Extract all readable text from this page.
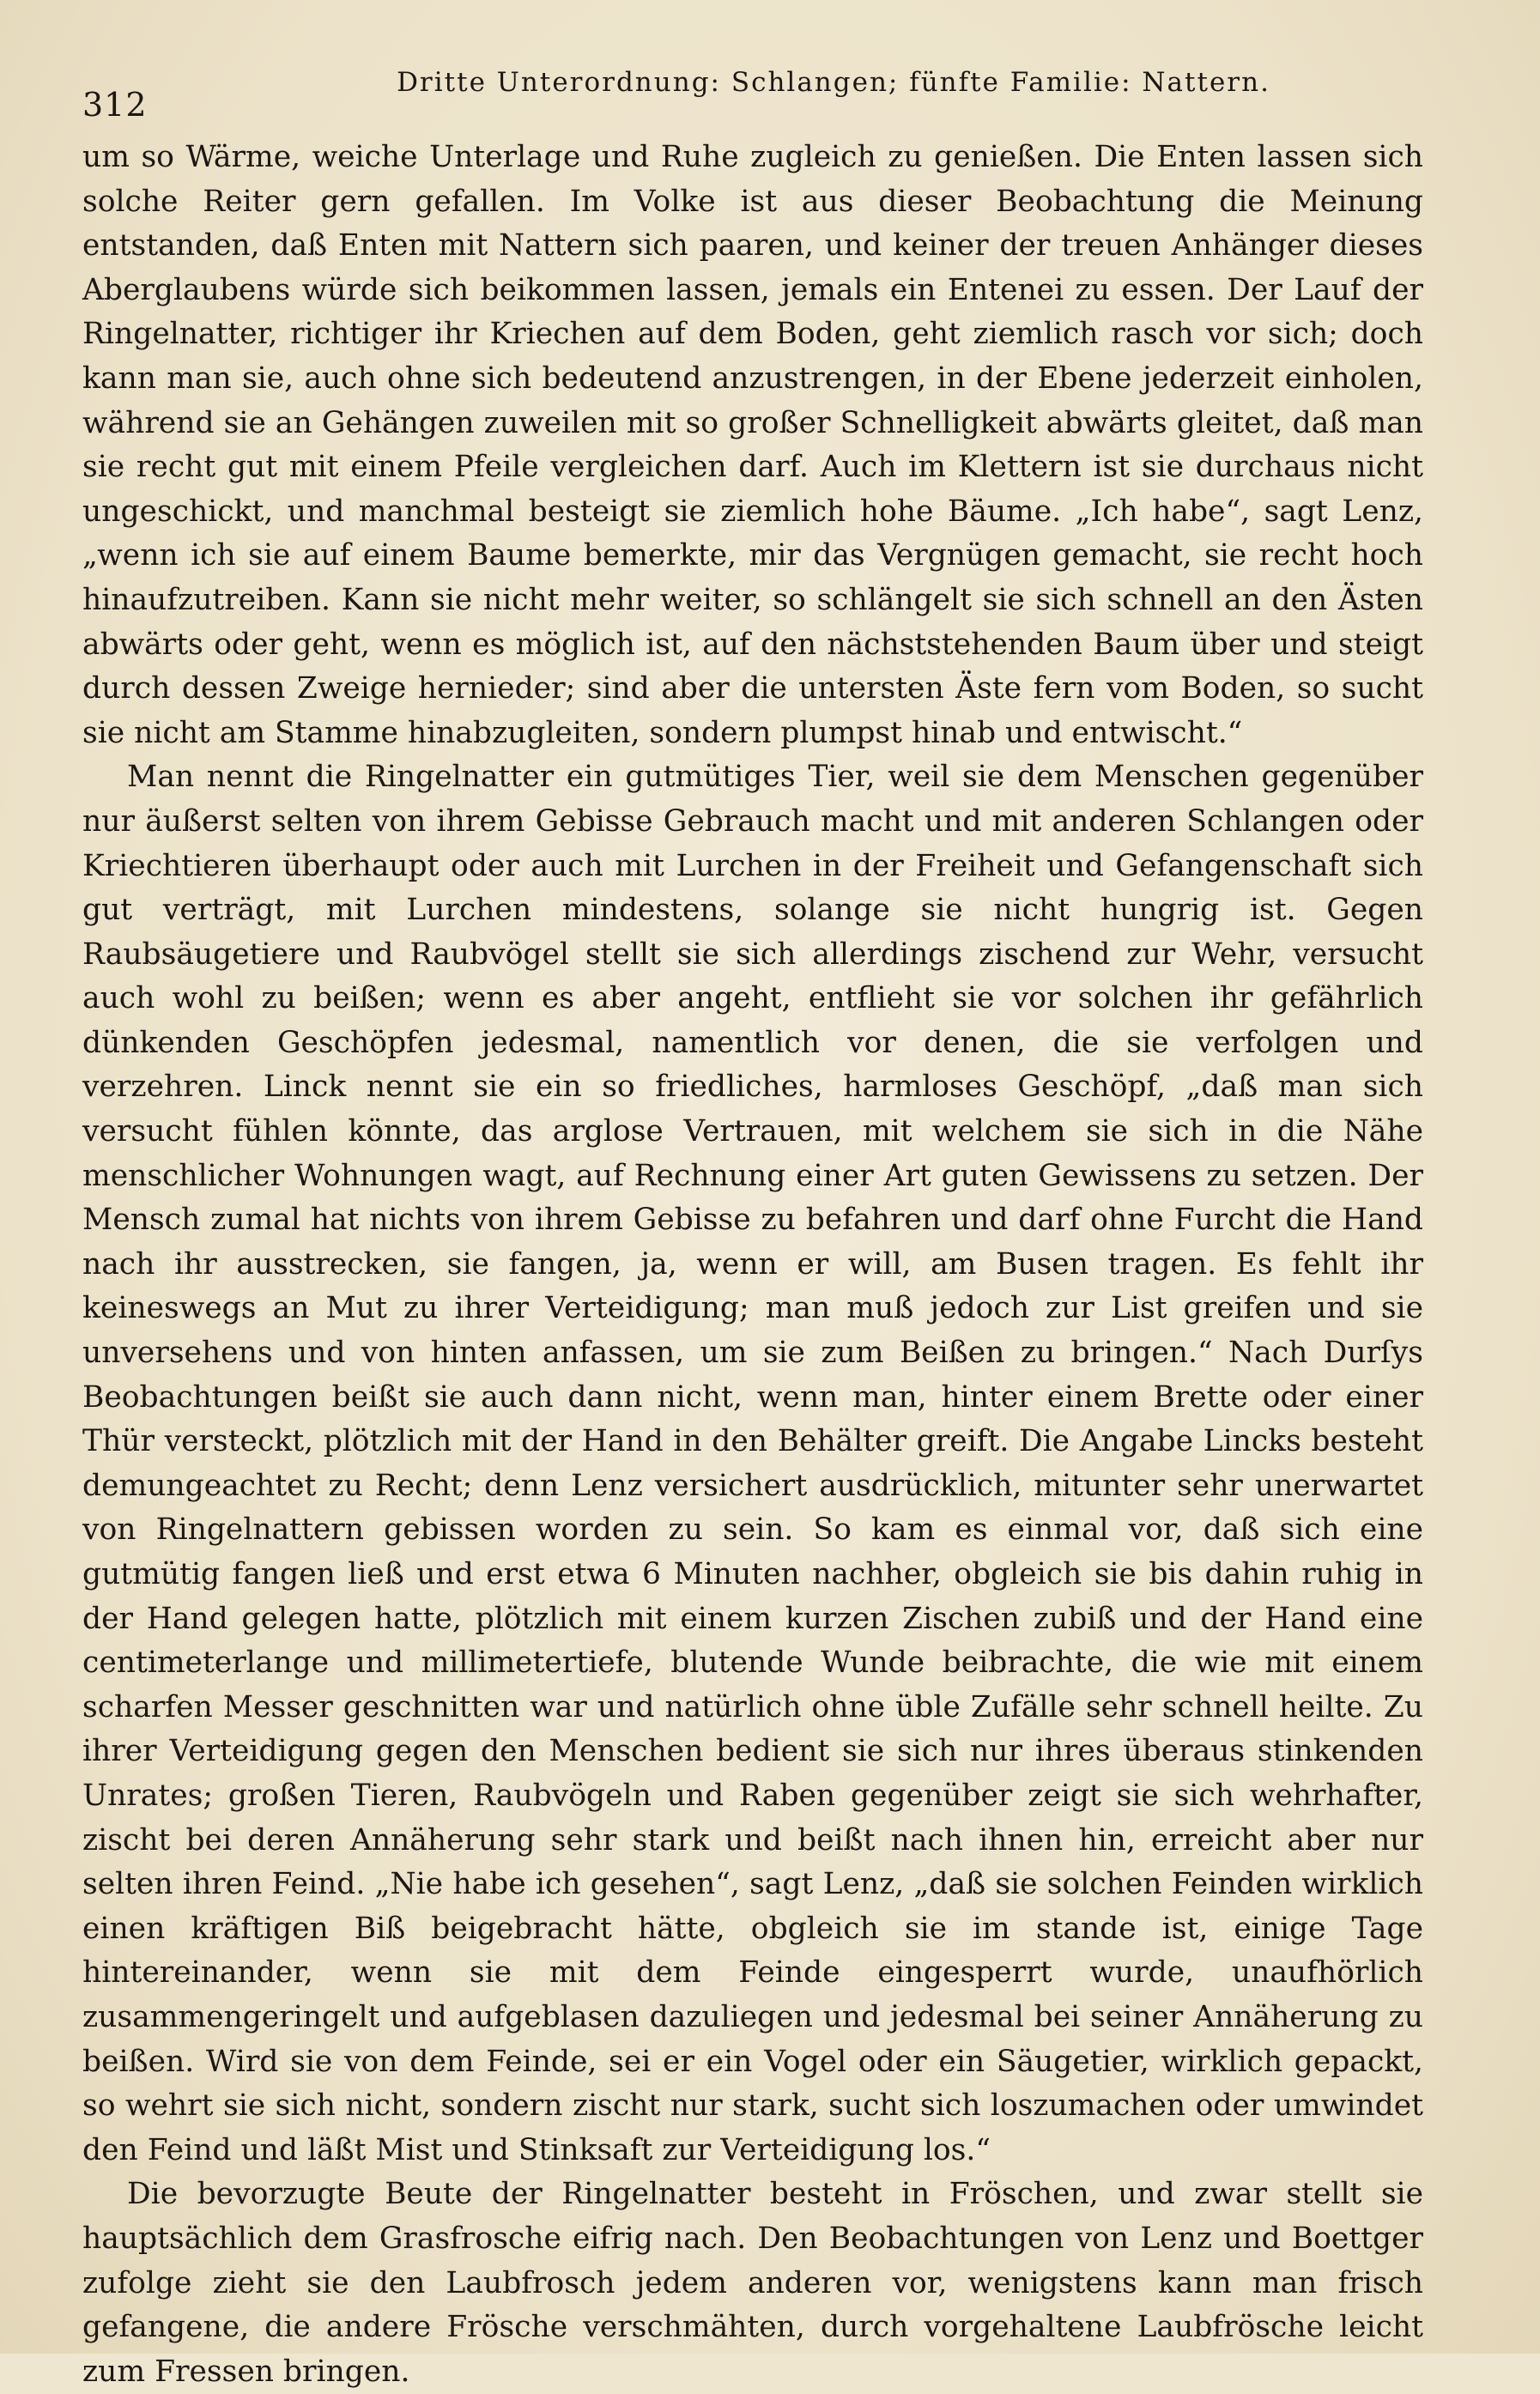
312
Dritte Unterordnung: Schlangen; fünfte Familie: Nattern.

um so Wärme, weiche Unterlage und Ruhe zugleich zu genießen. Die Enten lassen sich solche Reiter gern gefallen. Im Volke ist aus dieser Beobachtung die Meinung entstanden, daß Enten mit Nattern sich paaren, und keiner der treuen Anhänger dieses Aberglaubens würde sich beikommen lassen, jemals ein Entenei zu essen. Der Lauf der Ringelnatter, richtiger ihr Kriechen auf dem Boden, geht ziemlich rasch vor sich; doch kann man sie, auch ohne sich bedeutend anzustrengen, in der Ebene jederzeit einholen, während sie an Gehängen zuweilen mit so großer Schnelligkeit abwärts gleitet, daß man sie recht gut mit einem Pfeile vergleichen darf. Auch im Klettern ist sie durchaus nicht ungeschickt, und manchmal besteigt sie ziemlich hohe Bäume. „Ich habe“, sagt Lenz, „wenn ich sie auf einem Baume bemerkte, mir das Vergnügen gemacht, sie recht hoch hinaufzutreiben. Kann sie nicht mehr weiter, so schlängelt sie sich schnell an den Ästen abwärts oder geht, wenn es möglich ist, auf den nächststehenden Baum über und steigt durch dessen Zweige hernieder; sind aber die untersten Äste fern vom Boden, so sucht sie nicht am Stamme hinabzugleiten, sondern plumpst hinab und entwischt.“

Man nennt die Ringelnatter ein gutmütiges Tier, weil sie dem Menschen gegenüber nur äußerst selten von ihrem Gebisse Gebrauch macht und mit anderen Schlangen oder Kriechtieren überhaupt oder auch mit Lurchen in der Freiheit und Gefangenschaft sich gut verträgt, mit Lurchen mindestens, solange sie nicht hungrig ist. Gegen Raubsäugetiere und Raubvögel stellt sie sich allerdings zischend zur Wehr, versucht auch wohl zu beißen; wenn es aber angeht, entflieht sie vor solchen ihr gefährlich dünkenden Geschöpfen jedesmal, namentlich vor denen, die sie verfolgen und verzehren. Linck nennt sie ein so friedliches, harmloses Geschöpf, „daß man sich versucht fühlen könnte, das arglose Vertrauen, mit welchem sie sich in die Nähe menschlicher Wohnungen wagt, auf Rechnung einer Art guten Gewissens zu setzen. Der Mensch zumal hat nichts von ihrem Gebisse zu befahren und darf ohne Furcht die Hand nach ihr ausstrecken, sie fangen, ja, wenn er will, am Busen tragen. Es fehlt ihr keineswegs an Mut zu ihrer Verteidigung; man muß jedoch zur List greifen und sie unversehens und von hinten anfassen, um sie zum Beißen zu bringen.“ Nach Durſys Beobachtungen beißt sie auch dann nicht, wenn man, hinter einem Brette oder einer Thür versteckt, plötzlich mit der Hand in den Behälter greift. Die Angabe Lincks besteht demungeachtet zu Recht; denn Lenz versichert ausdrücklich, mitunter sehr unerwartet von Ringelnattern gebissen worden zu sein. So kam es einmal vor, daß sich eine gutmütig fangen ließ und erst etwa 6 Minuten nachher, obgleich sie bis dahin ruhig in der Hand gelegen hatte, plötzlich mit einem kurzen Zischen zubiß und der Hand eine centimeterlange und millimetertiefe, blutende Wunde beibrachte, die wie mit einem scharfen Messer geschnitten war und natürlich ohne üble Zufälle sehr schnell heilte. Zu ihrer Verteidigung gegen den Menschen bedient sie sich nur ihres überaus stinkenden Unrates; großen Tieren, Raubvögeln und Raben gegenüber zeigt sie sich wehrhafter, zischt bei deren Annäherung sehr stark und beißt nach ihnen hin, erreicht aber nur selten ihren Feind. „Nie habe ich gesehen“, sagt Lenz, „daß sie solchen Feinden wirklich einen kräftigen Biß beigebracht hätte, obgleich sie im stande ist, einige Tage hintereinander, wenn sie mit dem Feinde eingesperrt wurde, unaufhörlich zusammengeringelt und aufgeblasen dazuliegen und jedesmal bei seiner Annäherung zu beißen. Wird sie von dem Feinde, sei er ein Vogel oder ein Säugetier, wirklich gepackt, so wehrt sie sich nicht, sondern zischt nur stark, sucht sich loszumachen oder umwindet den Feind und läßt Mist und Stinksaft zur Verteidigung los.“

Die bevorzugte Beute der Ringelnatter besteht in Fröschen, und zwar stellt sie hauptsächlich dem Grasfrosche eifrig nach. Den Beobachtungen von Lenz und Boettger zufolge zieht sie den Laubfrosch jedem anderen vor, wenigstens kann man frisch gefangene, die andere Frösche verschmähten, durch vorgehaltene Laubfrösche leicht zum Fressen bringen.
